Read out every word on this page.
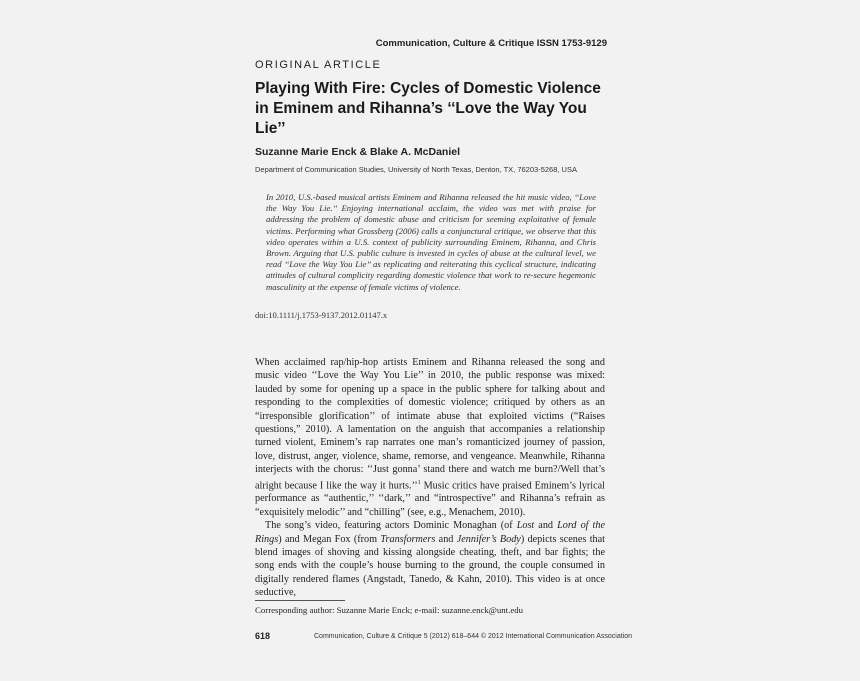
Communication, Culture & Critique ISSN 1753-9129
ORIGINAL ARTICLE
Playing With Fire: Cycles of Domestic Violence in Eminem and Rihanna’s ‘‘Love the Way You Lie’’
Suzanne Marie Enck & Blake A. McDaniel
Department of Communication Studies, University of North Texas, Denton, TX, 76203-5268, USA

In 2010, U.S.-based musical artists Eminem and Rihanna released the hit music video, ‘‘Love the Way You Lie.’’ Enjoying international acclaim, the video was met with praise for addressing the problem of domestic abuse and criticism for seeming exploitative of female victims. Performing what Grossberg (2006) calls a conjunctural critique, we observe that this video operates within a U.S. context of publicity surrounding Eminem, Rihanna, and Chris Brown. Arguing that U.S. public culture is invested in cycles of abuse at the cultural level, we read ‘‘Love the Way You Lie’’ as replicating and reiterating this cyclical structure, indicating attitudes of cultural complicity regarding domestic violence that work to re-secure hegemonic masculinity at the expense of female victims of violence.

doi:10.1111/j.1753-9137.2012.01147.x

When acclaimed rap/hip-hop artists Eminem and Rihanna released the song and music video ‘‘Love the Way You Lie’’ in 2010, the public response was mixed: lauded by some for opening up a space in the public sphere for talking about and responding to the complexities of domestic violence; critiqued by others as an “irresponsible glorification’’ of intimate abuse that exploited victims (“Raises questions,” 2010). A lamentation on the anguish that accompanies a relationship turned violent, Eminem’s rap narrates one man’s romanticized journey of passion, love, distrust, anger, violence, shame, remorse, and vengeance. Meanwhile, Rihanna interjects with the chorus: ‘‘Just gonna’ stand there and watch me burn?/Well that’s alright because I like the way it hurts.’’$^1$ Music critics have praised Eminem’s lyrical performance as “authentic,’’ ‘‘dark,’’ and “introspective” and Rihanna’s refrain as “exquisitely melodic’’ and “chilling” (see, e.g., Menachem, 2010).

The song’s video, featuring actors Dominic Monaghan (of Lost and Lord of the Rings) and Megan Fox (from Transformers and Jennifer’s Body) depicts scenes that blend images of shoving and kissing alongside cheating, theft, and bar fights; the song ends with the couple’s house burning to the ground, the couple consumed in digitally rendered flames (Angstadt, Tanedo, & Kahn, 2010). This video is at once seductive,

Corresponding author: Suzanne Marie Enck; e-mail: suzanne.enck@unt.edu
618	Communication, Culture & Critique 5 (2012) 618–644 © 2012 International Communication Association
